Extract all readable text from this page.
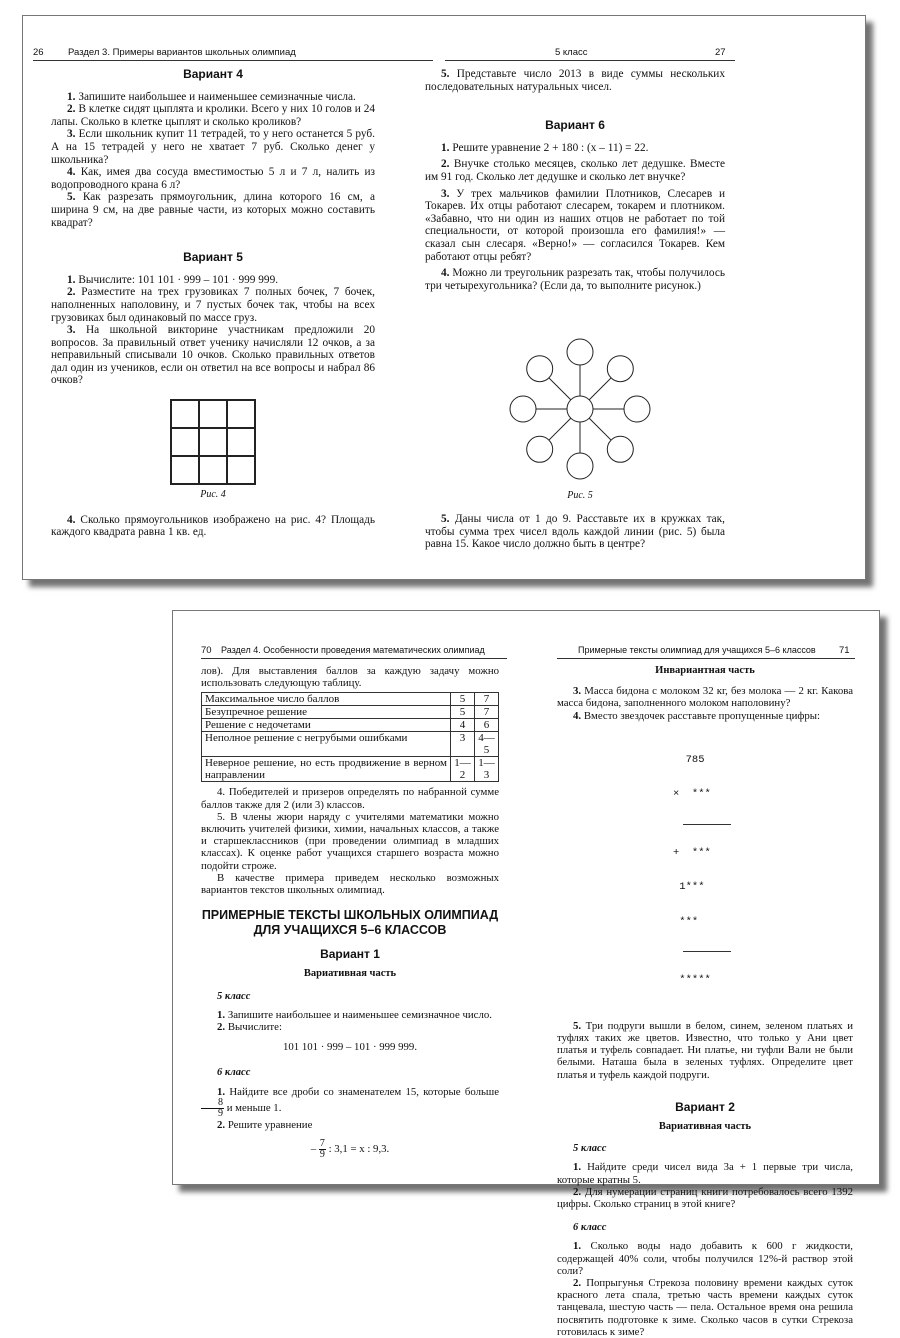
26	Раздел 3. Примеры вариантов школьных олимпиад
Вариант 4

1. Запишите наибольшее и наименьшее семизначные числа.

2. В клетке сидят цыплята и кролики. Всего у них 10 голов и 24 лапы. Сколько в клетке цыплят и сколько кроликов?

3. Если школьник купит 11 тетрадей, то у него останется 5 руб. А на 15 тетрадей у него не хватает 7 руб. Сколько денег у школьника?

4. Как, имея два сосуда вместимостью 5 л и 7 л, налить из водопроводного крана 6 л?

5. Как разрезать прямоугольник, длина которого 16 см, а ширина 9 см, на две равные части, из которых можно составить квадрат?

Вариант 5

1. Вычислите: 101 101 · 999 – 101 · 999 999.

2. Разместите на трех грузовиках 7 полных бочек, 7 бочек, наполненных наполовину, и 7 пустых бочек так, чтобы на всех грузовиках был одинаковый по массе груз.

3. На школьной викторине участникам предложили 20 вопросов. За правильный ответ ученику начисляли 12 очков, а за неправильный списывали 10 очков. Сколько правильных ответов дал один из учеников, если он ответил на все вопросы и набрал 86 очков?

Рис. 4

4. Сколько прямоугольников изображено на рис. 4? Площадь каждого квадрата равна 1 кв. ед.

5 класс	27

5. Представьте число 2013 в виде суммы нескольких последовательных натуральных чисел.

Вариант 6

1. Решите уравнение 2 + 180 : (x – 11) = 22.

2. Внучке столько месяцев, сколько лет дедушке. Вместе им 91 год. Сколько лет дедушке и сколько лет внучке?

3. У трех мальчиков фамилии Плотников, Слесарев и Токарев. Их отцы работают слесарем, токарем и плотником. «Забавно, что ни один из наших отцов не работает по той специальности, от которой произошла его фамилия!» — сказал сын слесаря. «Верно!» — согласился Токарев. Кем работают отцы ребят?

4. Можно ли треугольник разрезать так, чтобы получилось три четырехугольника? (Если да, то выполните рисунок.)

Рис. 5

5. Даны числа от 1 до 9. Расставьте их в кружках так, чтобы сумма трех чисел вдоль каждой линии (рис. 5) была равна 15. Какое число должно быть в центре?

70 Раздел 4. Особенности проведения математических олимпиад

лов). Для выставления баллов за каждую задачу можно использовать следующую таблицу.

Максимальное число баллов	5	7
Безупречное решение	5	7
Решение с недочетами	4	6
Неполное решение с негрубыми ошибками	3	4—5
Неверное решение, но есть продвижение в верном направлении	1—2	1—3

4. Победителей и призеров определять по набранной сумме баллов также для 2 (или 3) классов.

5. В члены жюри наряду с учителями математики можно включить учителей физики, химии, начальных классов, а также и старшеклассников (при проведении олимпиад в младших классах). К оценке работ учащихся старшего возраста можно подойти строже.

В качестве примера приведем несколько возможных вариантов текстов школьных олимпиад.

ПРИМЕРНЫЕ ТЕКСТЫ ШКОЛЬНЫХ ОЛИМПИАД ДЛЯ УЧАЩИХСЯ 5–6 КЛАССОВ
Вариант 1
Вариативная часть
5 класс

1. Запишите наибольшее и наименьшее семизначное число.

2. Вычислите:

101 101 · 999 – 101 · 999 999.
6 класс

1. Найдите все дроби со знаменателем 15, которые больше
$\frac{8}{9}$ и меньше 1.

2. Решите уравнение

– $\frac{7}{9}$ : 3,1 = x : 9,3.
Примерные тексты олимпиад для учащихся 5–6 классов 71
Инвариантная часть

3. Масса бидона с молоком 32 кг, без молока — 2 кг. Какова масса бидона, заполненного молоком наполовину?

4. Вместо звездочек расставьте пропущенные цифры:

785

×  ***

+  ***

1***

***

*****

5. Три подруги вышли в белом, синем, зеленом платьях и туфлях таких же цветов. Известно, что только у Ани цвет платья и туфель совпадает. Ни платье, ни туфли Вали не были белыми. Наташа была в зеленых туфлях. Определите цвет платья и туфель каждой подруги.

Вариант 2
Вариативная часть
5 класс

1. Найдите среди чисел вида 3a + 1 первые три числа, которые кратны 5.

2. Для нумерации страниц книги потребовалось всего 1392 цифры. Сколько страниц в этой книге?

6 класс

1. Сколько воды надо добавить к 600 г жидкости, содержащей 40% соли, чтобы получился 12%-й раствор этой соли?

2. Попрыгунья Стрекоза половину времени каждых суток красного лета спала, третью часть времени каждых суток танцевала, шестую часть — пела. Остальное время она решила посвятить подготовке к зиме. Сколько часов в сутки Стрекоза готовилась к зиме?
